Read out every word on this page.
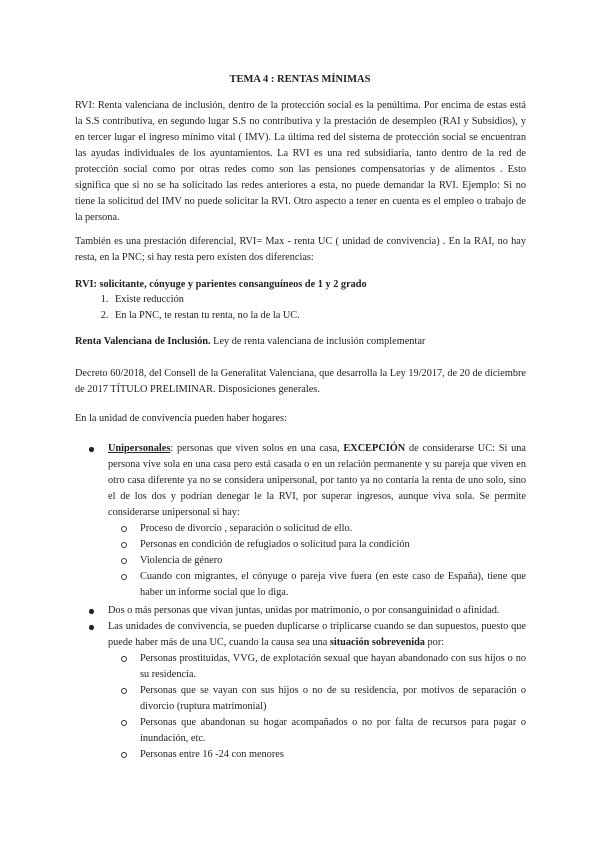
TEMA 4 : RENTAS MÍNIMAS

RVI: Renta valenciana de inclusión, dentro de la protección social es la penúltima. Por encima de estas está la S.S contributiva, en segundo lugar S.S no contributiva y la prestación de desempleo (RAI y Subsidios), y en tercer lugar el ingreso mínimo vital ( IMV). La última red del sistema de protección social se encuentran las ayudas individuales de los ayuntamientos. La RVI es una red subsidiaria, tanto dentro de la red de protección social como por otras redes como son las pensiones compensatorias y de alimentos . Esto significa que si no se ha solicitado las redes anteriores a esta, no puede demandar la RVI. Ejemplo: Si no tiene la solicitud del IMV no puede solicitar la RVI. Otro aspecto a tener en cuenta es el empleo o trabajo de la persona.

También es una prestación diferencial, RVI= Max - renta UC ( unidad de convivencia) . En la RAI, no hay resta, en la PNC; si hay resta pero existen dos diferencias:

RVI: solicitante, cónyuge y parientes consanguíneos de 1 y 2 grado
1. Existe reducción
2. En la PNC, te restan tu renta, no la de la UC.
Renta Valenciana de Inclusión. Ley de renta valenciana de inclusión complementar

Decreto 60/2018, del Consell de la Generalitat Valenciana, que desarrolla la Ley 19/2017, de 20 de diciembre de 2017 TÍTULO PRELIMINAR. Disposiciones generales.

En la unidad de convivencia pueden haber hogares:
Unipersonales: personas que viven solos en una casa, EXCEPCIÓN de considerarse UC: Si una persona vive sola en una casa pero está casada o en un relación permanente y su pareja que viven en otro casa diferente ya no se considera unipersonal, por tanto ya no contaría la renta de uno solo, sino el de los dos y podrían denegar le la RVI, por superar ingresos, aunque viva sola. Se permite considerarse unipersonal si hay:
Proceso de divorcio , separación o solicitud de ello.
Personas en condición de refugiados o solicitud para la condición
Violencia de género
Cuando con migrantes, el cónyuge o pareja vive fuera (en este caso de España), tiene que haber un informe social que lo diga.
Dos o más personas que vivan juntas, unidas por matrimonio, o por consanguinidad o afinidad.
Las unidades de convivencia, se pueden duplicarse o triplicarse cuando se dan supuestos, puesto que puede haber más de una UC, cuando la causa sea una situación sobrevenida por:
Personas prostituidas, VVG, de explotación sexual que hayan abandonado con sus hijos o no su residencia.
Personas que se vayan con sus hijos o no de su residencia, por motivos de separación o divorcio (ruptura matrimonial)
Personas que abandonan su hogar acompañados o no por falta de recursos para pagar o inundación, etc.
Personas entre 16 -24 con menores
